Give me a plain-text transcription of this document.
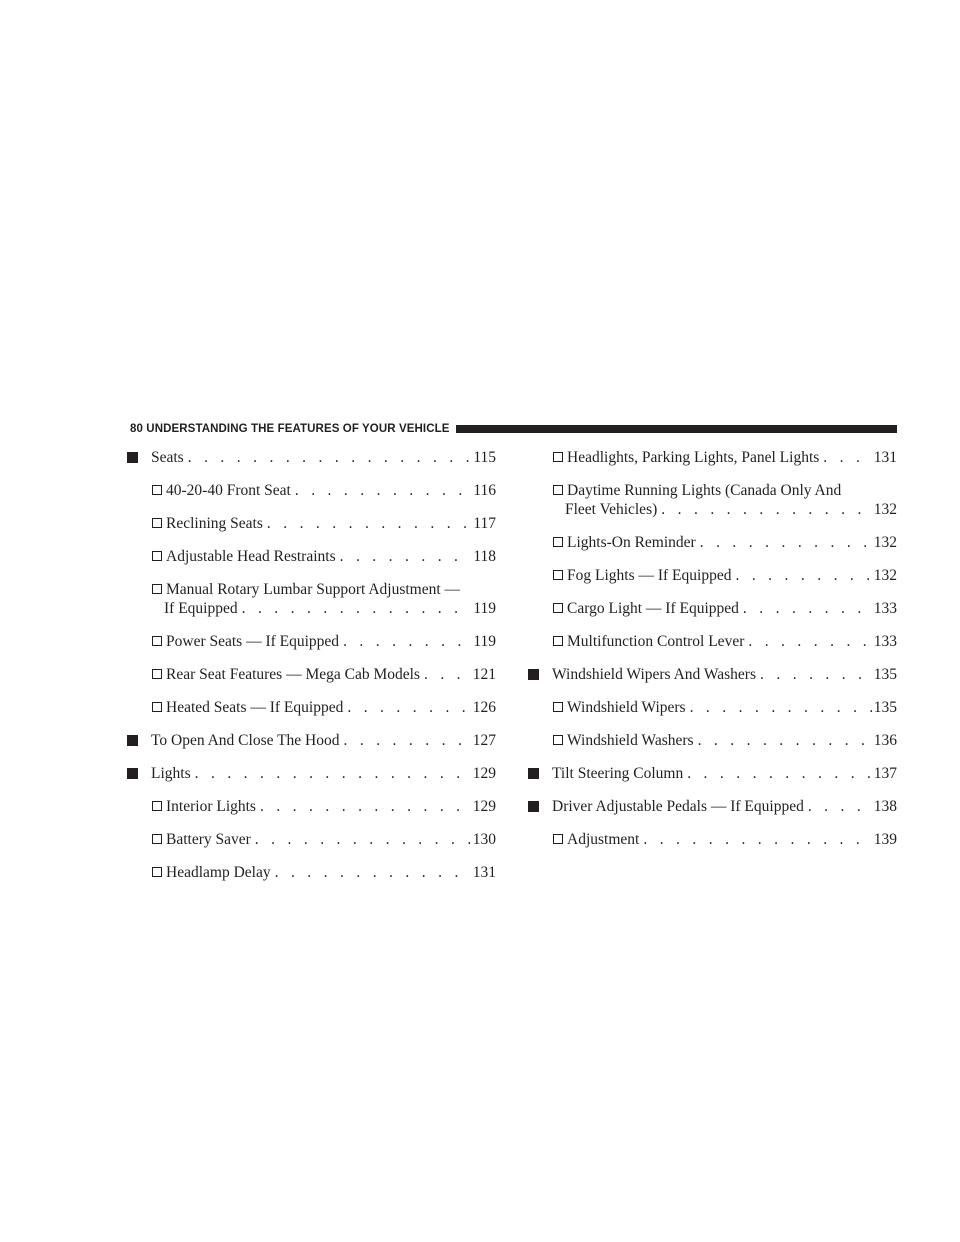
80 UNDERSTANDING THE FEATURES OF YOUR VEHICLE
Seats . . .	115
40-20-40 Front Seat . . .	116
Reclining Seats . . .	117
Adjustable Head Restraints . . .	118
Manual Rotary Lumbar Support Adjustment —
If Equipped . . .	119
Power Seats — If Equipped . . .	119
Rear Seat Features — Mega Cab Models . . .	121
Heated Seats — If Equipped . . .	126
To Open And Close The Hood . . .	127
Lights . . .	129
Interior Lights . . .	129
Battery Saver . . .	130
Headlamp Delay . . .	131
Headlights, Parking Lights, Panel Lights . . .	131
Daytime Running Lights (Canada Only And
Fleet Vehicles) . . .	132
Lights-On Reminder . . .	132
Fog Lights — If Equipped . . .	132
Cargo Light — If Equipped . . .	133
Multifunction Control Lever . . .	133
Windshield Wipers And Washers . . .	135
Windshield Wipers . . .	135
Windshield Washers . . .	136
Tilt Steering Column . . .	137
Driver Adjustable Pedals — If Equipped . . .	138
Adjustment . . .	139
